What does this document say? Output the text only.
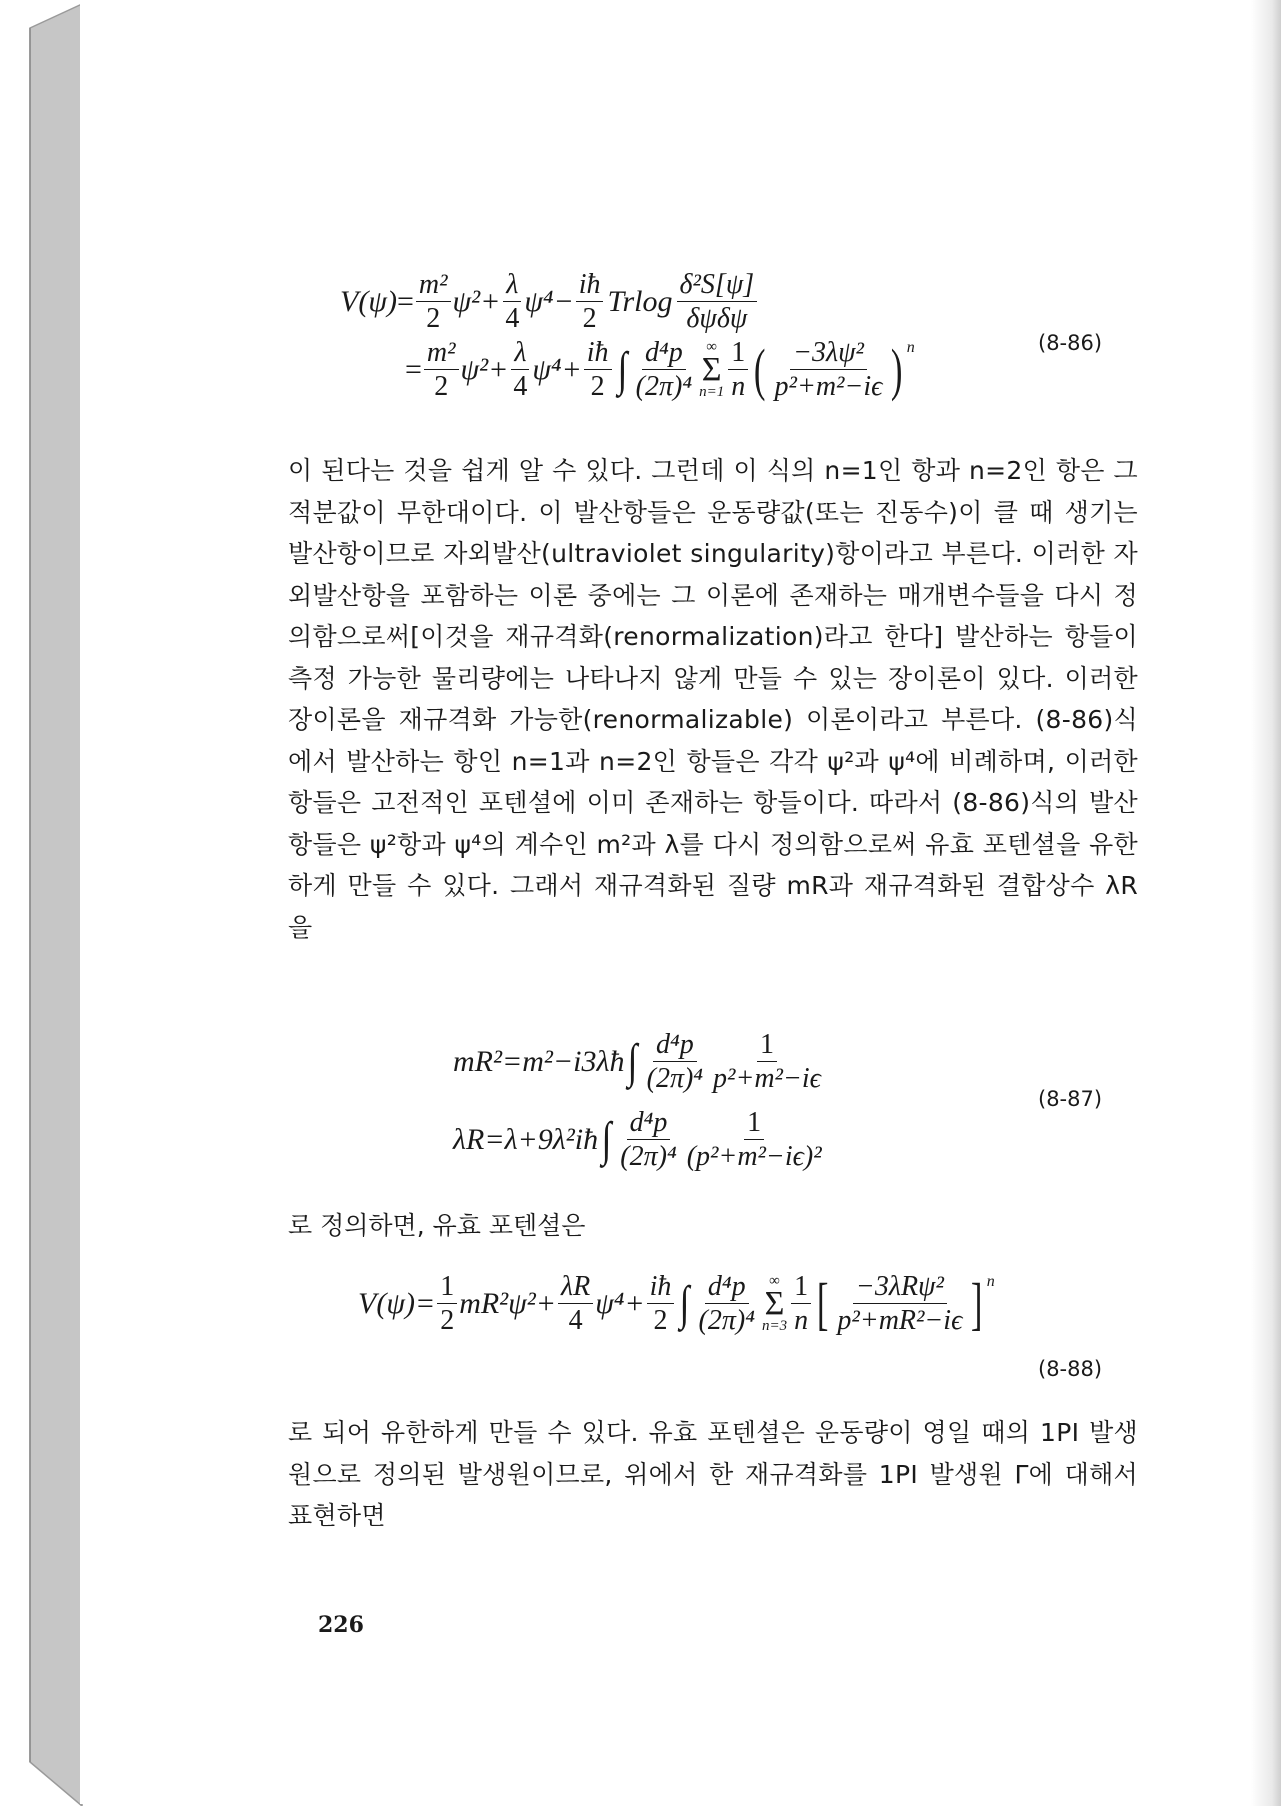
$V(\psi) = \frac{\text{m²}}{2} \psi^2+ \frac{\lambda}{4} \psi^4- \frac{iħ}{2}$ Trlog $\frac{\text{δ²S[ψ]}}{\text{δψδψ}}$
= $\frac{\text{m²}}{2} \psi^2+ \frac{\lambda}{4} \psi^4+ \frac{iħ}{2}$ ∫ $\frac{\text{d⁴p}}{\text{(2π)⁴}}$ ∞
Σ
$n=1 \frac{1}{n}$ ( $\frac{\text{−3λψ²}}{\text{p²+m²−iϵ}} )^n$	(8-86)

이 된다는 것을 쉽게 알 수 있다. 그런데 이 식의 n=1인 항과 n=2인 항은 그 적분값이 무한대이다. 이 발산항들은 운동량값(또는 진동수)이 클 때 생기는 발산항이므로 자외발산(ultraviolet singularity)항이라고 부른다. 이러한 자외발산항을 포함하는 이론 중에는 그 이론에 존재하는 매개변수들을 다시 정의함으로써[이것을 재규격화(renormalization)라고 한다] 발산하는 항들이 측정 가능한 물리량에는 나타나지 않게 만들 수 있는 장이론이 있다. 이러한 장이론을 재규격화 가능한(renormalizable) 이론이라고 부른다. (8-86)식에서 발산하는 항인 n=1과 n=2인 항들은 각각 ψ²과 ψ⁴에 비례하며, 이러한 항들은 고전적인 포텐셜에 이미 존재하는 항들이다. 따라서 (8-86)식의 발산항들은 ψ²항과 ψ⁴의 계수인 m²과 λ를 다시 정의함으로써 유효 포텐셜을 유한하게 만들 수 있다. 그래서 재규격화된 질량 mR과 재규격화된 결합상수 λR을

mR²=m²−i3λħ ∫ $\frac{\text{d⁴p}}{\text{(2π)⁴}} \frac{1}{\text{p²+m²−iϵ}}$
λR=λ+9λ²iħ ∫ $\frac{\text{d⁴p}}{\text{(2π)⁴}} \frac{1}{\text{(p²+m²−iϵ)²}}$
(8-87)

로 정의하면, 유효 포텐셜은

$V(\psi)= \frac{1}{2} mR^2\psi^2+ \frac{\lambda R}{4} \psi^4+ \frac{iħ}{2}$ ∫ $\frac{\text{d⁴p}}{\text{(2π)⁴}}$ ∞
Σ
$n=3 \frac{1}{n}$ [ $\frac{\text{−3λRψ²}}{\text{p²+mR²−iϵ}} ]^n$
(8-88)

로 되어 유한하게 만들 수 있다. 유효 포텐셜은 운동량이 영일 때의 1PI 발생원으로 정의된 발생원이므로, 위에서 한 재규격화를 1PI 발생원 Γ에 대해서 표현하면

226
